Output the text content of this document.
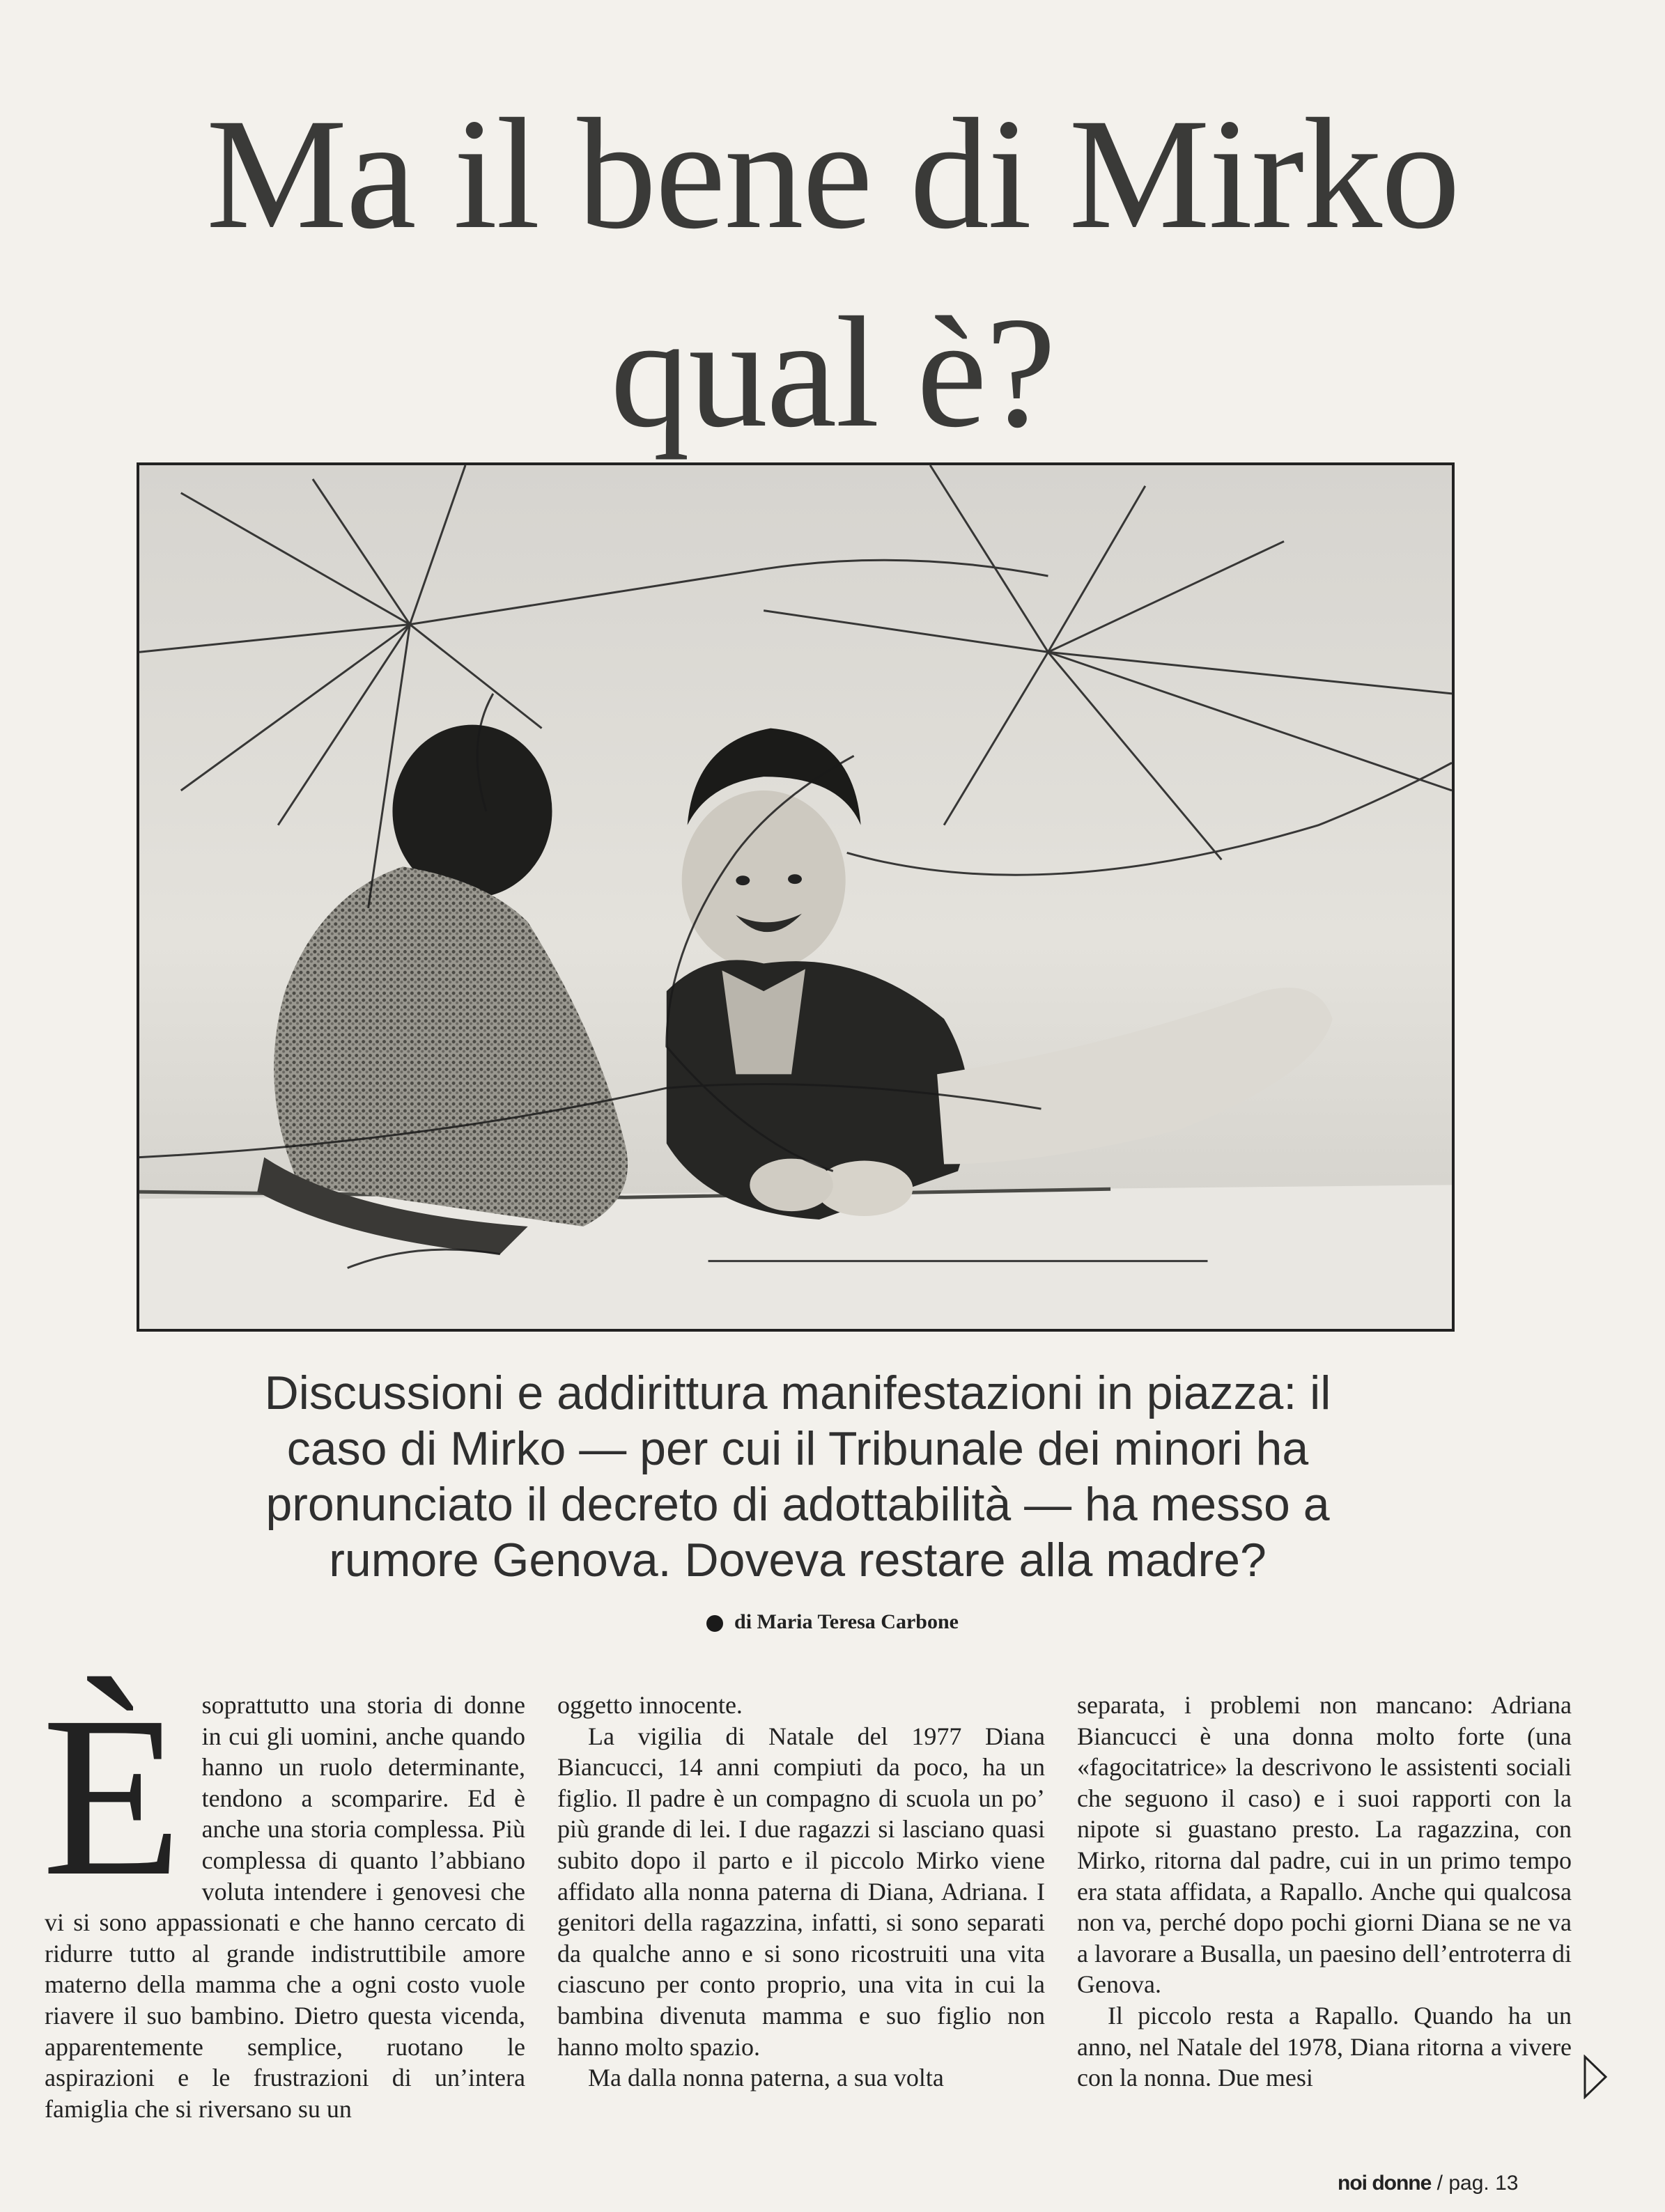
Ma il bene di Mirko
qual è?
Discussioni e addirittura manifestazioni in piazza: il
caso di Mirko — per cui il Tribunale dei minori ha
pronunciato il decreto di adottabilità — ha messo a
rumore Genova. Doveva restare alla madre?
di Maria Teresa Carbone
È soprattutto una storia di donne in cui gli uomini, anche quando hanno un ruolo determinante, tendono a scomparire. Ed è anche una storia complessa. Più complessa di quanto l’abbiano voluta intendere i genovesi che vi si sono appassionati e che hanno cercato di ridurre tutto al grande indistruttibile amore materno della mamma che a ogni costo vuole riavere il suo bambino. Dietro questa vicenda, apparentemente semplice, ruotano le aspirazioni e le frustrazioni di un’intera famiglia che si riversano su un

oggetto innocente.

La vigilia di Natale del 1977 Diana Biancucci, 14 anni compiuti da poco, ha un figlio. Il padre è un compagno di scuola un po’ più grande di lei. I due ragazzi si lasciano quasi subito dopo il parto e il piccolo Mirko viene affidato alla nonna paterna di Diana, Adriana. I genitori della ragazzina, infatti, si sono separati da qualche anno e si sono ricostruiti una vita ciascuno per conto proprio, una vita in cui la bambina divenuta mamma e suo figlio non hanno molto spazio.

Ma dalla nonna paterna, a sua volta

separata, i problemi non mancano: Adriana Biancucci è una donna molto forte (una «fagocitatrice» la descrivono le assistenti sociali che seguono il caso) e i suoi rapporti con la nipote si guastano presto. La ragazzina, con Mirko, ritorna dal padre, cui in un primo tempo era stata affidata, a Rapallo. Anche qui qualcosa non va, perché dopo pochi giorni Diana se ne va a lavorare a Busalla, un paesino dell’entroterra di Genova.

Il piccolo resta a Rapallo. Quando ha un anno, nel Natale del 1978, Diana ritorna a vivere con la nonna. Due mesi

noi donne / pag. 13
